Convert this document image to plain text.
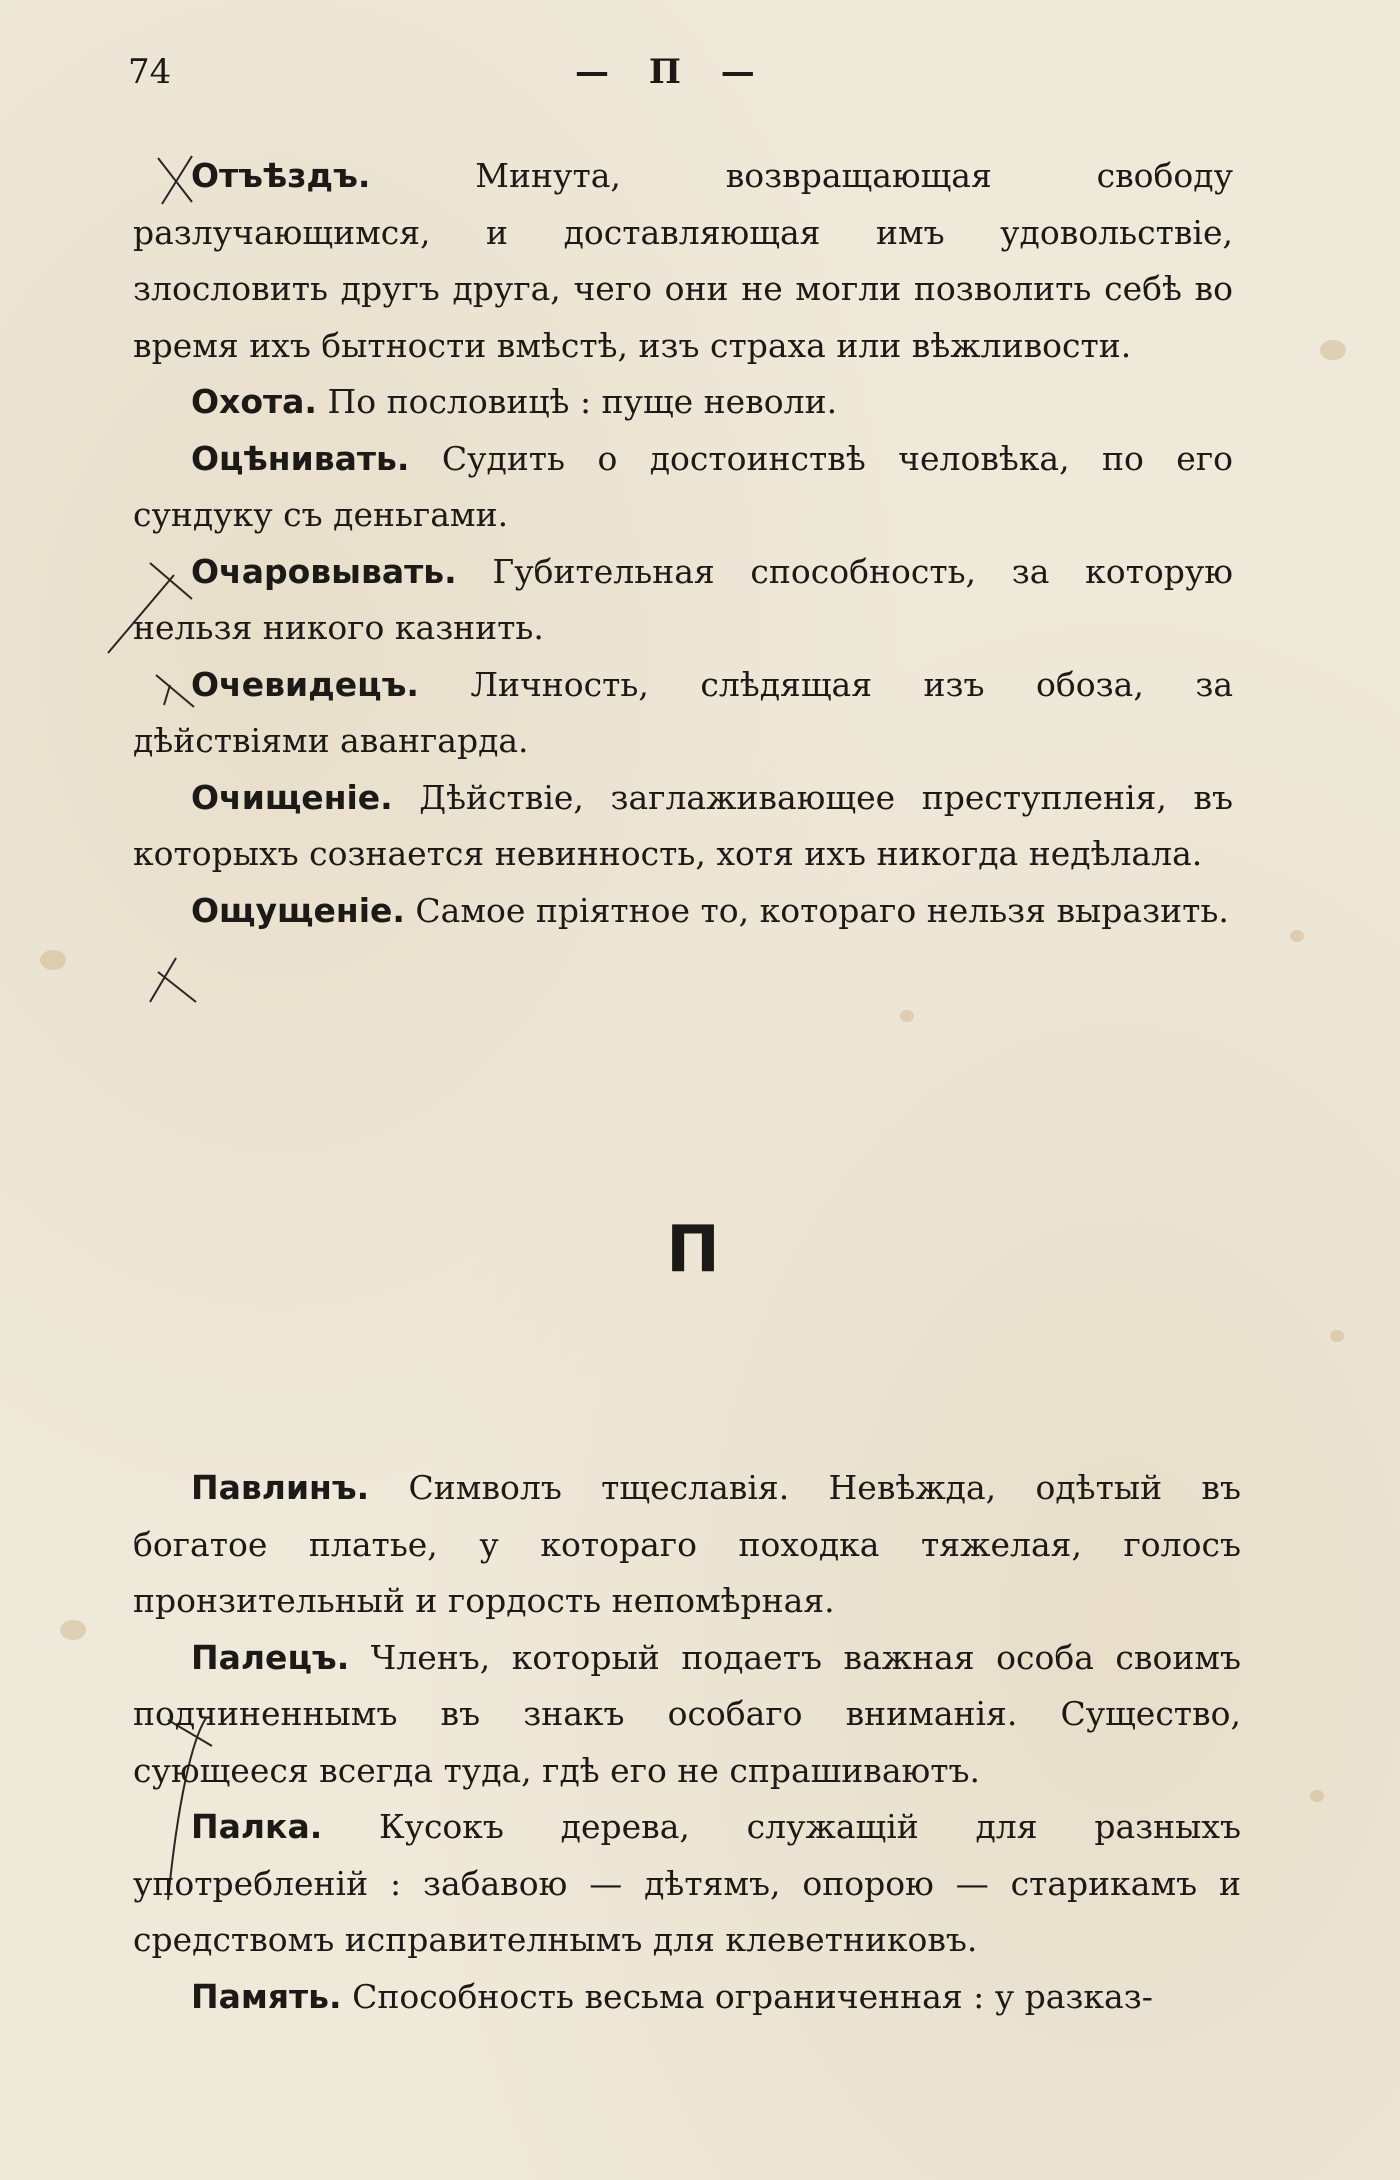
74	— П —

Отъѣздъ. Минута, возвращающая свободу разлучающимся, и доставляющая имъ удовольствіе, злословить другъ друга, чего они не могли позволить себѣ во время ихъ бытности вмѣстѣ, изъ страха или вѣжливости.

Охота. По пословицѣ : пуще неволи.

Оцѣнивать. Судить о достоинствѣ человѣка, по его сундуку съ деньгами.

Очаровывать. Губительная способность, за которую нельзя никого казнить.

Очевидецъ. Личность, слѣдящая изъ обоза, за дѣйствіями авангарда.

Очищеніе. Дѣйствіе, заглаживающее преступленія, въ которыхъ сознается невинность, хотя ихъ никогда недѣлала.

Ощущеніе. Самое пріятное то, котораго нельзя выразить.

П

Павлинъ. Символъ тщеславія. Невѣжда, одѣтый въ богатое платье, у котораго походка тяжелая, голосъ пронзительный и гордость непомѣрная.

Палецъ. Членъ, который подаетъ важная особа своимъ подчиненнымъ въ знакъ особаго вниманія. Существо, сующееся всегда туда, гдѣ его не спрашиваютъ.

Палка. Кусокъ дерева, служащій для разныхъ употребленій : забавою — дѣтямъ, опорою — старикамъ и средствомъ исправителнымъ для клеветниковъ.

Память. Способность весьма ограниченная : у разказ-
